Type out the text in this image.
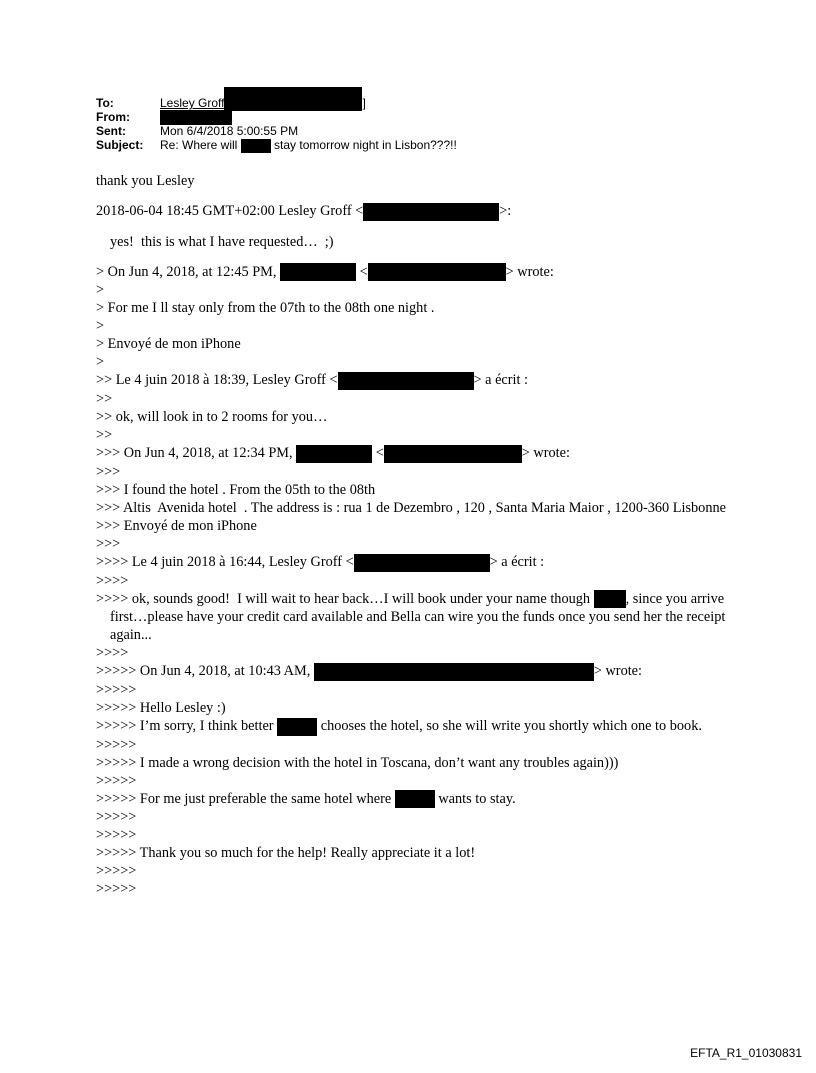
To:	Lesley Groff	]
From:
Sent:	Mon 6/4/2018 5:00:55 PM
Subject:	Re: Where will	stay tomorrow night in Lisbon???!!

thank you Lesley

2018-06-04 18:45 GMT+02:00 Lesley Groff <	>:

yes!  this is what I have requested…  ;)

> On Jun 4, 2018, at 12:45 PM,	<	> wrote:

>

> For me I ll stay only from the 07th to the 08th one night .

>

> Envoyé de mon iPhone

>

>> Le 4 juin 2018 à 18:39, Lesley Groff <	> a écrit :

>>

>> ok, will look in to 2 rooms for you…

>>

>>> On Jun 4, 2018, at 12:34 PM,	<	> wrote:

>>>

>>> I found the hotel . From the 05th to the 08th

>>> Altis  Avenida hotel  . The address is : rua 1 de Dezembro , 120 , Santa Maria Maior , 1200-360 Lisbonne

>>> Envoyé de mon iPhone

>>>

>>>> Le 4 juin 2018 à 16:44, Lesley Groff <	> a écrit :

>>>>

>>>> ok, sounds good!  I will wait to hear back…I will book under your name though , since you arrive first…please have your credit card available and Bella can wire you the funds once you send her the receipt again...

>>>>

>>>>> On Jun 4, 2018, at 10:43 AM,	> wrote:

>>>>>

>>>>> Hello Lesley :)

>>>>> I’m sorry, I think better	chooses the hotel, so she will write you shortly which one to book.

>>>>>

>>>>> I made a wrong decision with the hotel in Toscana, don’t want any troubles again)))

>>>>>

>>>>> For me just preferable the same hotel where	wants to stay.

>>>>>

>>>>>

>>>>> Thank you so much for the help! Really appreciate it a lot!

>>>>>

>>>>>

EFTA_R1_01030831
